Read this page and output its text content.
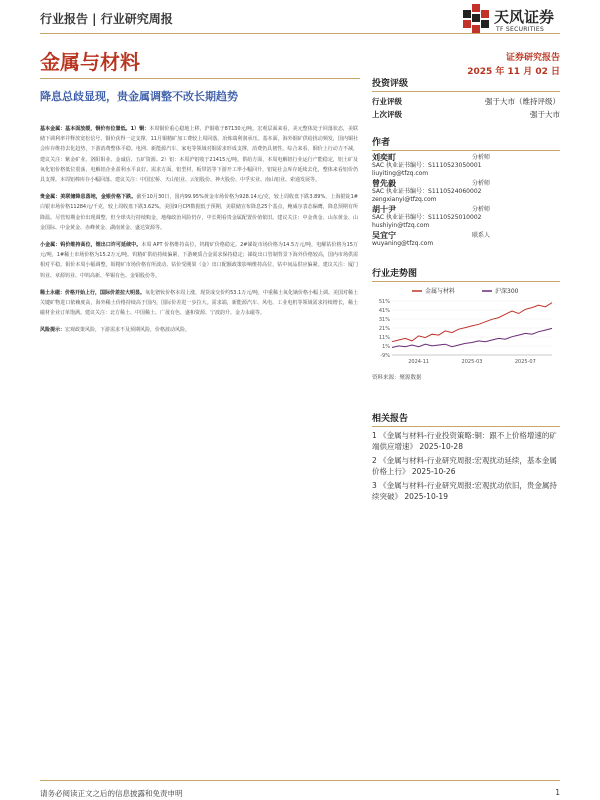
行业报告 | 行业研究周报	天风证券
TF SECURITIES
金属与材料	证券研究报告
2025 年 11 月 02 日
降息总歧显现，贵金属调整不改长期趋势

基本金属：基本面放缓，铜价有位置低。1）铜：本周铜价重心稳地上移，沪铜收于87130元/吨。宏观层面来看，美元整体处于回落状态，美联储下调利率并释放宽松信号，铜价获得一定支撑。11月铜精矿加工费较上周回落，冶炼端利润承压。基本面，海外铜矿供给扰动频发，国内铜社会库存维持去化趋势，下游消费整体平稳。电网、新能源汽车、家电等领域对铜需求形成支撑，消费仍具韧性。综合来看，铜价上行动力不减，建议关注：紫金矿业、洛阳钼业、金诚信、五矿资源。2）铝：本周沪铝收于21415元/吨。供给方面，本周电解铝行业运行产能稳定，铝土矿及氧化铝价格低位震荡，电解铝企业盈利水平良好。需求方面，铝型材、板带箔等下游开工率小幅回升，铝锭社会库存延续去化，整体来看铝价仍具支撑。本周铝棒库存小幅回落。建议关注：中国宏桥、天山铝业、云铝股份、神火股份、中孚实业、南山铝业、索通发展等。

贵金属：美联储降息落地，金银价格下跌。截至10月30日，国内99.95%黄金市场价格为928.14元/克，较上周收盘下跌3.89%，上海银锭1#白银市场价格11284元/千克，较上周收盘下跌3.62%。美国9月CPI数据低于预期，美联储宣布降息25个基点，鲍威尔表态偏鹰，降息预期有所降温。尽管短期金价出现调整，但全球央行持续购金，地缘政治风险仍存，中长期看贵金属配置价值依旧。建议关注：中金黄金、山东黄金、山金国际、中金黄金、赤峰黄金、湖南黄金、盛达资源等。

小金属：钨价维持高位，锂出口许可延续中。本周 APT 价格维持高位，钨精矿价格稳定。2#锑锭市场价格为14.5万元/吨，电解钴价格为15万元/吨，1#稀土市场价格为15.2万元/吨。钨精矿供给持续偏紧，下游硬质合金需求保持稳定；锑锭出口管制背景下海外价格较高，国内市场供需相对平稳。钼价本周小幅调整，钼精矿市场价格有所波动。钴价受刚果（金）出口配额政策影响维持高位，钴中间品供应偏紧。建议关注：厦门钨业、章源钨业、中钨高新、华锡有色、金钼股份等。

稀土永磁：价格开始上行，国际价差拉大明显。氧化镨钕价格本周上涨，现货成交价约53.1万元/吨，中重稀土氧化镝价格小幅上调。美国对稀土关键矿物进口依赖度高，海外稀土价格持续高于国内，国际价差进一步拉大。需求端，新能源汽车、风电、工业电机等领域需求持续增长，稀土磁材企业订单饱满。建议关注：北方稀土、中国稀土、广晟有色、盛和资源、宁波韵升、金力永磁等。

风险提示：宏观政策风险，下游需求不及预期风险，价格波动风险。

投资评级
行业评级	强于大市（维持评级）
上次评级	强于大市
作者
刘奕町	分析师
SAC 执业证书编号：S1110523050001
liuyiting@tfzq.com
曾先毅	分析师
SAC 执业证书编号：S1110524060002
zengxianyi@tfzq.com
胡十尹	分析师
SAC 执业证书编号：S1110525010002
hushiyin@tfzq.com
吴宜宁	联系人
wuyaning@tfzq.com
行业走势图
金属与材料	沪深300
51%
41%
31%
21%
11%
1%
-9%
2024-11	2025-03	2025-07
资料来源：聚源数据
相关报告
1 《金属与材料-行业投资策略:铜：跟不上价格增速的矿端供应增速》 2025-10-28
2 《金属与材料-行业研究周报:宏观扰动延续，基本金属价格上行》 2025-10-26
3 《金属与材料-行业研究周报:宏观扰动依旧，贵金属持续突破》 2025-10-19
请务必阅读正文之后的信息披露和免责申明	1
